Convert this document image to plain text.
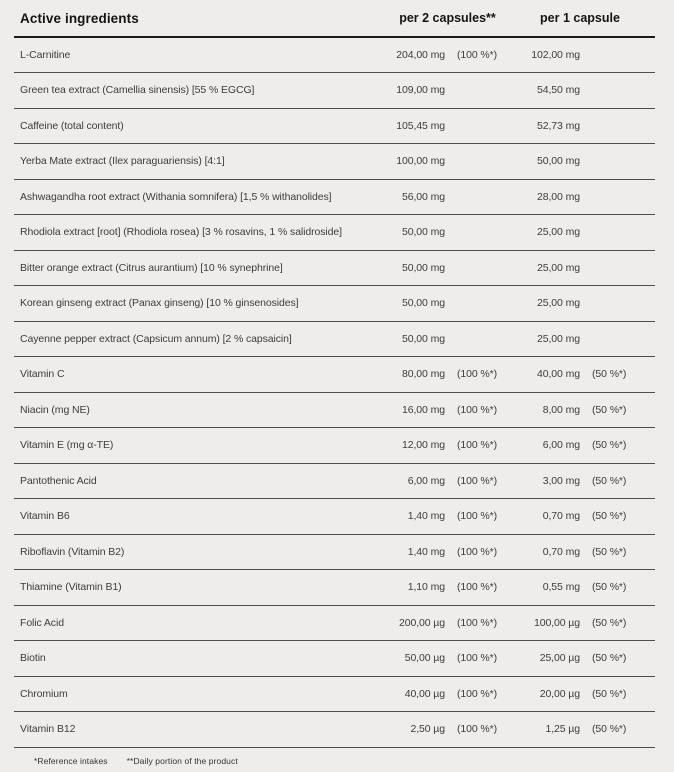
Active ingredients	per 2 capsules**		per 1 capsule	
L-Carnitine	204,00 mg	(100 %*)	102,00 mg	
Green tea extract (Camellia sinensis) [55 % EGCG]	109,00 mg		54,50 mg	
Caffeine (total content)	105,45 mg		52,73 mg	
Yerba Mate extract (Ilex paraguariensis) [4:1]	100,00 mg		50,00 mg	
Ashwagandha root extract (Withania somnifera) [1,5 % withanolides]	56,00 mg		28,00 mg	
Rhodiola extract [root] (Rhodiola rosea) [3 % rosavins, 1 % salidroside]	50,00 mg		25,00 mg	
Bitter orange extract (Citrus aurantium) [10 % synephrine]	50,00 mg		25,00 mg	
Korean ginseng extract (Panax ginseng) [10 % ginsenosides]	50,00 mg		25,00 mg	
Cayenne pepper extract (Capsicum annum) [2 % capsaicin]	50,00 mg		25,00 mg	
Vitamin C	80,00 mg	(100 %*)	40,00 mg	(50 %*)
Niacin (mg NE)	16,00 mg	(100 %*)	8,00 mg	(50 %*)
Vitamin E (mg α-TE)	12,00 mg	(100 %*)	6,00 mg	(50 %*)
Pantothenic Acid	6,00 mg	(100 %*)	3,00 mg	(50 %*)
Vitamin B6	1,40 mg	(100 %*)	0,70 mg	(50 %*)
Riboflavin (Vitamin B2)	1,40 mg	(100 %*)	0,70 mg	(50 %*)
Thiamine (Vitamin B1)	1,10 mg	(100 %*)	0,55 mg	(50 %*)
Folic Acid	200,00 µg	(100 %*)	100,00 µg	(50 %*)
Biotin	50,00 µg	(100 %*)	25,00 µg	(50 %*)
Chromium	40,00 µg	(100 %*)	20,00 µg	(50 %*)
Vitamin B12	2,50 µg	(100 %*)	1,25 µg	(50 %*)
*Reference intakes **Daily portion of the product
